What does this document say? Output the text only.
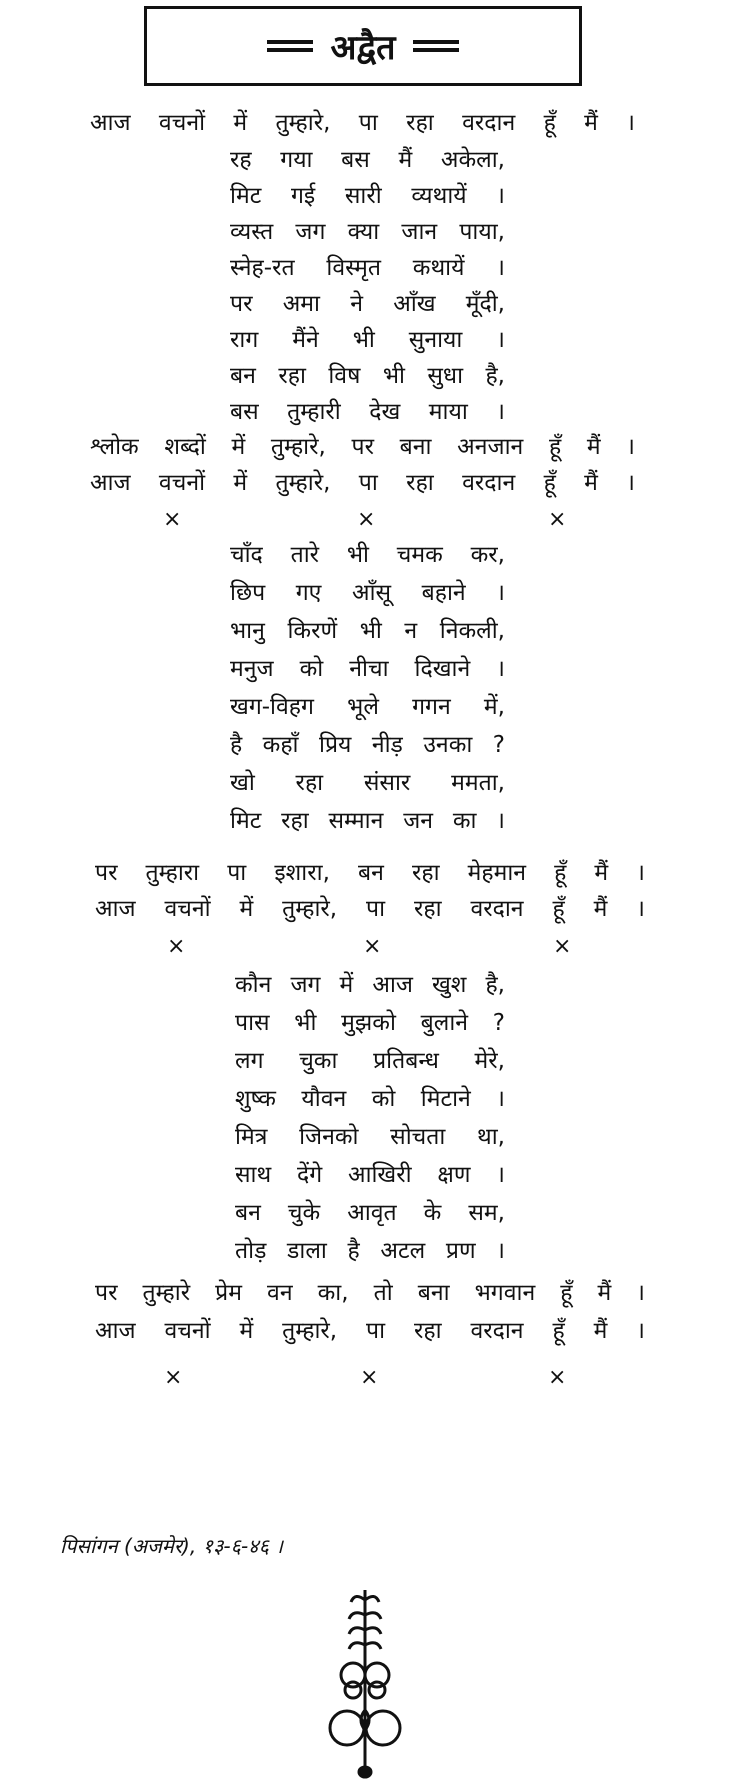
अद्वैत
आज वचनों में तुम्हारे, पा रहा वरदान हूँ मैं ।
रह गया बस मैं अकेला,
मिट गई सारी व्यथायें ।
व्यस्त जग क्या जान पाया,
स्नेह-रत विस्मृत कथायें ।
पर अमा ने आँख मूँदी,
राग मैंने भी सुनाया ।
बन रहा विष भी सुधा है,
बस तुम्हारी देख माया ।
श्लोक शब्दों में तुम्हारे, पर बना अनजान हूँ मैं ।
आज वचनों में तुम्हारे, पा रहा वरदान हूँ मैं ।
×	×	×
चाँद तारे भी चमक कर,
छिप गए आँसू बहाने ।
भानु किरणें भी न निकली,
मनुज को नीचा दिखाने ।
खग-विहग भूले गगन में,
है कहाँ प्रिय नीड़ उनका ?
खो रहा संसार ममता,
मिट रहा सम्मान जन का ।
पर तुम्हारा पा इशारा, बन रहा मेहमान हूँ मैं ।
आज वचनों में तुम्हारे, पा रहा वरदान हूँ मैं ।
×	×	×
कौन जग में आज खुश है,
पास भी मुझको बुलाने ?
लग चुका प्रतिबन्ध मेरे,
शुष्क यौवन को मिटाने ।
मित्र जिनको सोचता था,
साथ देंगे आखिरी क्षण ।
बन चुके आवृत के सम,
तोड़ डाला है अटल प्रण ।
पर तुम्हारे प्रेम वन का, तो बना भगवान हूँ मैं ।
आज वचनों में तुम्हारे, पा रहा वरदान हूँ मैं ।
×	×	×
पिसांगन (अजमेर), १३-६-४६ ।
